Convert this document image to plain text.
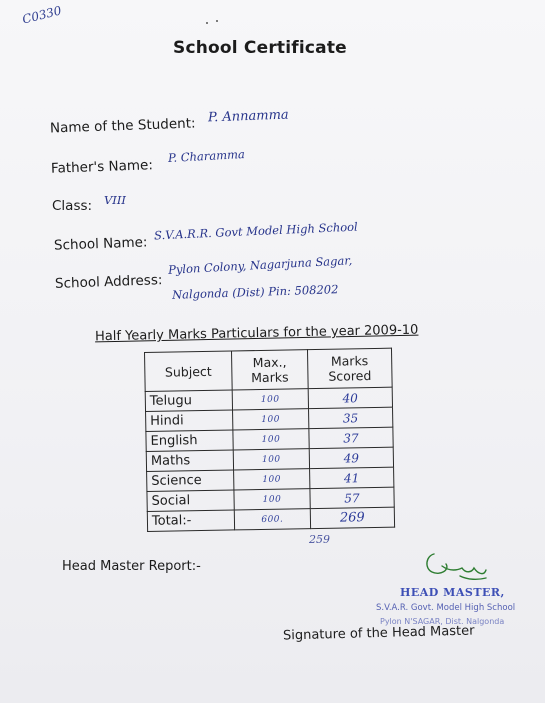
C0330
School Certificate
Name of the Student: P. Annamma
Father's Name:
P. Charamma
Class: VIII
School Name:
S.V.A.R.R. Govt Model High School
School Address:
Pylon Colony, Nagarjuna Sagar,
Nalgonda (Dist) Pin: 508202
Half Yearly Marks Particulars for the year 2009-10
Subject	Max., Marks	Marks Scored
Telugu	100	40
Hindi	100	35
English	100	37
Maths	100	49
Science	100	41
Social	100	57
Total:-	600.	269
259
Head Master Report:-
HEAD MASTER,
S.V.A.R. Govt. Model High School
Pylon N'SAGAR, Dist. Nalgonda
Signature of the Head Master
